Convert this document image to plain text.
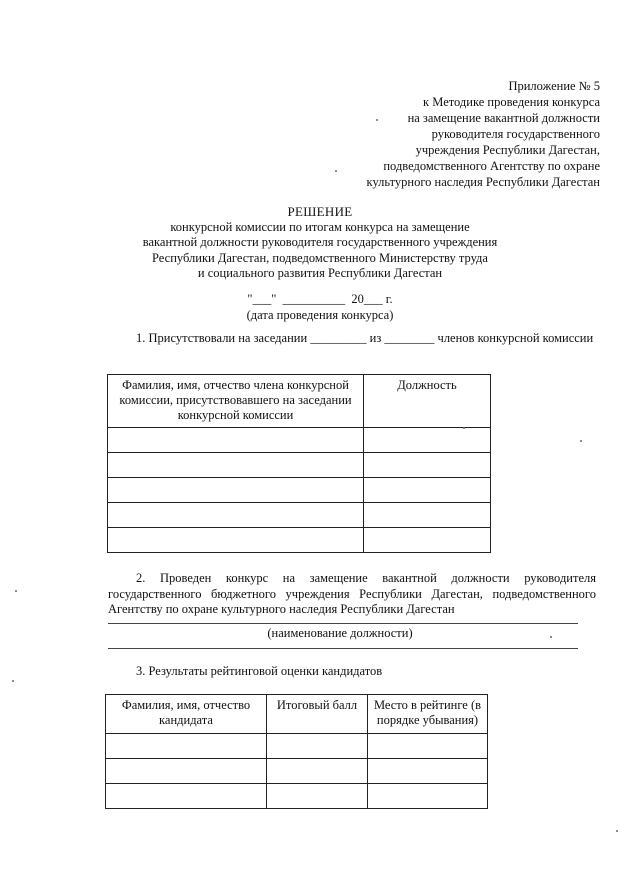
Приложение № 5
к Методике проведения конкурса
на замещение вакантной должности
руководителя государственного
учреждения Республики Дагестан,
подведомственного Агентству по охране
культурного наследия Республики Дагестан
РЕШЕНИЕ
конкурсной комиссии по итогам конкурса на замещение
вакантной должности руководителя государственного учреждения
Республики Дагестан, подведомственного Министерству труда
и социального развития Республики Дагестан
"___"  __________  20___ г.
(дата проведения конкурса)
1. Присутствовали на заседании _________ из ________ членов конкурсной комиссии
Фамилия, имя, отчество члена конкурсной комиссии, присутствовавшего на заседании конкурсной комиссии	Должность

2. Проведен конкурс на замещение вакантной должности руководителя государственного бюджетного учреждения Республики Дагестан, подведомственного Агентству по охране культурного наследия Республики Дагестан
(наименование должности)
3. Результаты рейтинговой оценки кандидатов
Фамилия, имя, отчество кандидата	Итоговый балл	Место в рейтинге (в порядке убывания)
